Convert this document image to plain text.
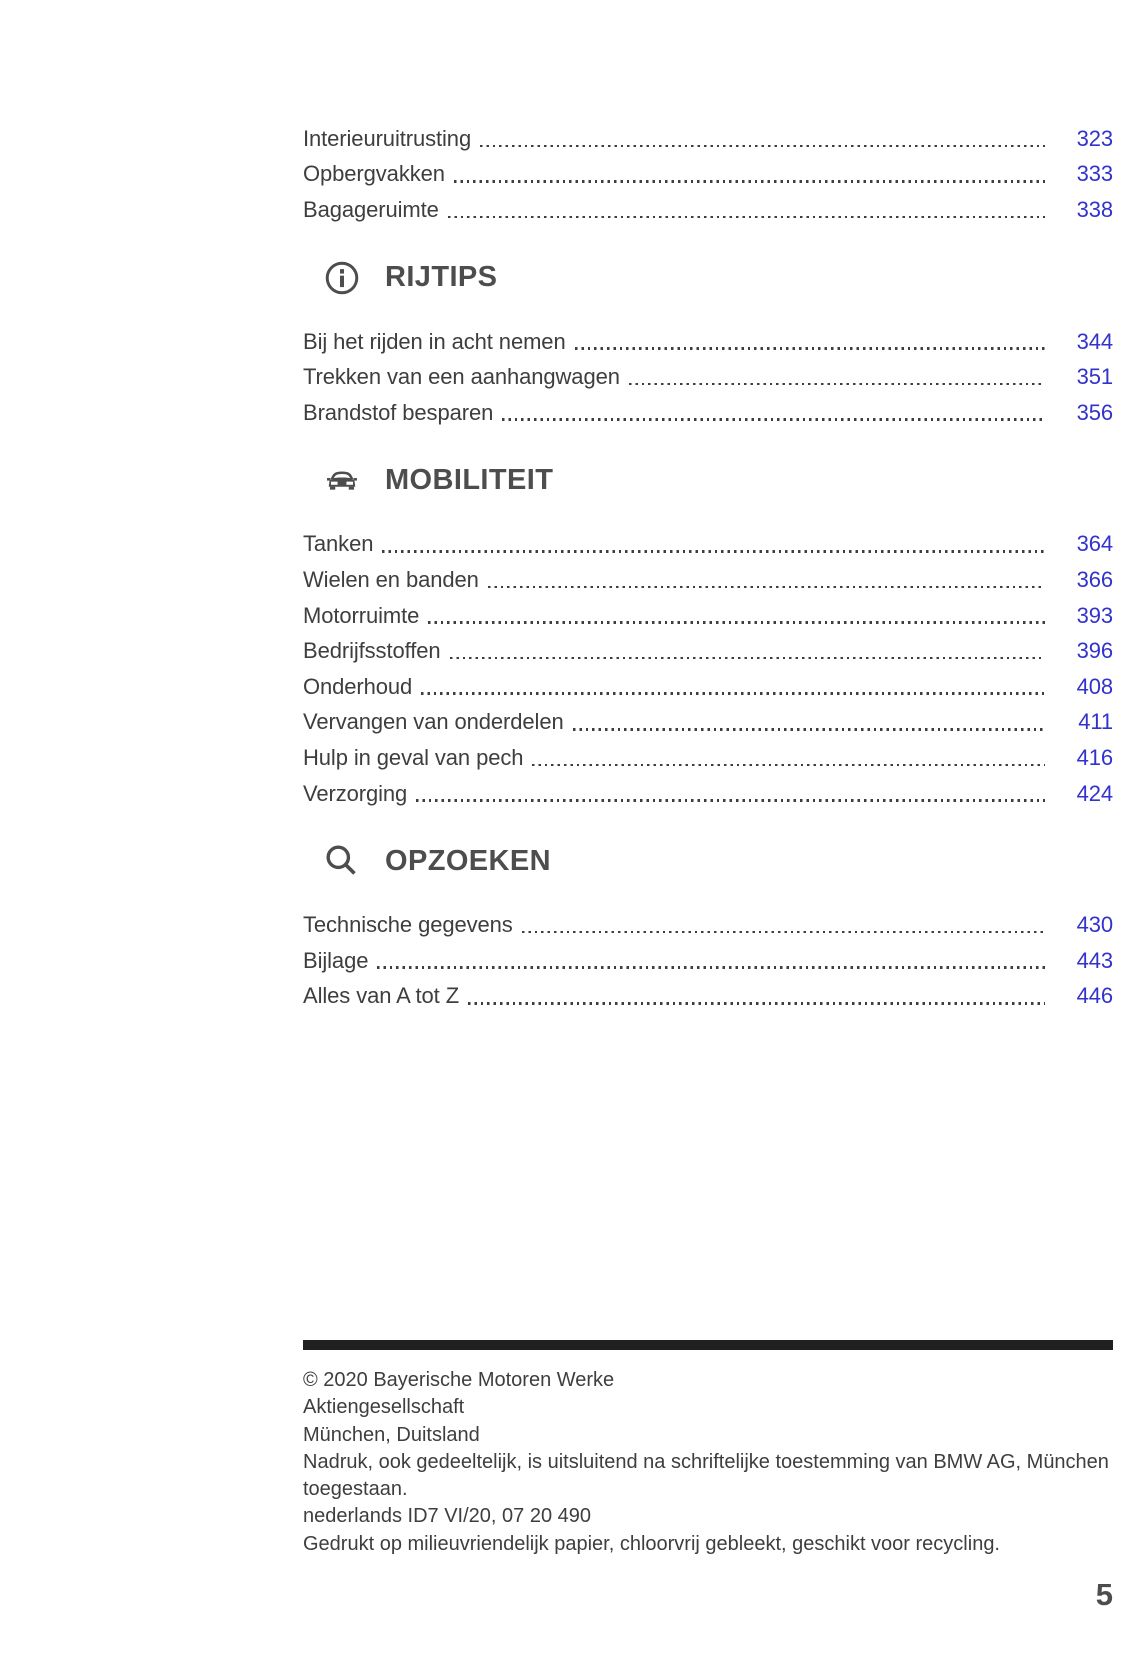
Interieuruitrusting	323
Opbergvakken	333
Bagageruimte	338
RIJTIPS
Bij het rijden in acht nemen	344
Trekken van een aanhangwagen	351
Brandstof besparen	356
MOBILITEIT
Tanken	364
Wielen en banden	366
Motorruimte	393
Bedrijfsstoffen	396
Onderhoud	408
Vervangen van onderdelen	411
Hulp in geval van pech	416
Verzorging	424
OPZOEKEN
Technische gegevens	430
Bijlage	443
Alles van A tot Z	446
© 2020 Bayerische Motoren Werke
Aktiengesellschaft
München, Duitsland
Nadruk, ook gedeeltelijk, is uitsluitend na schriftelijke toestemming van BMW AG, München
toegestaan.
nederlands ID7 VI/20, 07 20 490
Gedrukt op milieuvriendelijk papier, chloorvrij gebleekt, geschikt voor recycling.
5
